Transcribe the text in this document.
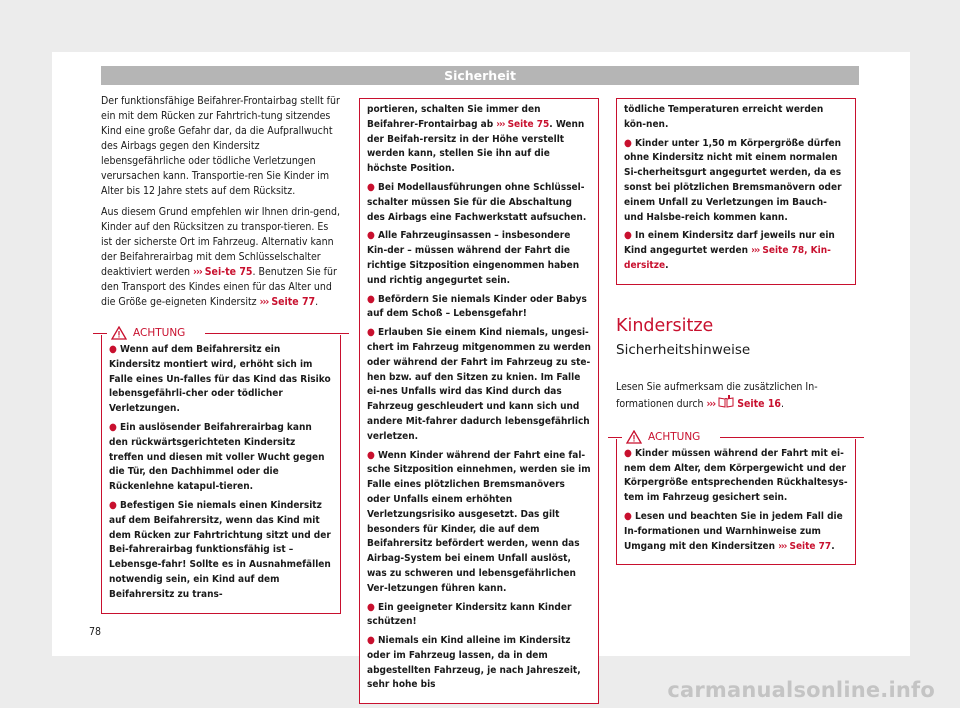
Sicherheit

Der funktionsfähige Beifahrer-Frontairbag stellt für ein mit dem Rücken zur Fahrtrich-tung sitzendes Kind eine große Gefahr dar, da die Aufprallwucht des Airbags gegen den Kindersitz lebensgefährliche oder tödliche Verletzungen verursachen kann. Transportie-ren Sie Kinder im Alter bis 12 Jahre stets auf dem Rücksitz.

Aus diesem Grund empfehlen wir Ihnen drin-gend, Kinder auf den Rücksitzen zu transpor-tieren. Es ist der sicherste Ort im Fahrzeug. Alternativ kann der Beifahrerairbag mit dem Schlüsselschalter deaktiviert werden ››› Sei-te 75. Benutzen Sie für den Transport des Kindes einen für das Alter und die Größe ge-eigneten Kindersitz ››› Seite 77.

ACHTUNG
● Wenn auf dem Beifahrersitz ein Kindersitz montiert wird, erhöht sich im Falle eines Un-falles für das Kind das Risiko lebensgefährli-cher oder tödlicher Verletzungen.
● Ein auslösender Beifahrerairbag kann den rückwärtsgerichteten Kindersitz treffen und diesen mit voller Wucht gegen die Tür, den Dachhimmel oder die Rückenlehne katapul-tieren.
● Befestigen Sie niemals einen Kindersitz auf dem Beifahrersitz, wenn das Kind mit dem Rücken zur Fahrtrichtung sitzt und der Bei-fahrerairbag funktionsfähig ist – Lebensge-fahr! Sollte es in Ausnahmefällen notwendig sein, ein Kind auf dem Beifahrersitz zu trans-
portieren, schalten Sie immer den Beifahrer-Frontairbag ab ››› Seite 75. Wenn der Beifah-rersitz in der Höhe verstellt werden kann, stellen Sie ihn auf die höchste Position.
● Bei Modellausführungen ohne Schlüssel-schalter müssen Sie für die Abschaltung des Airbags eine Fachwerkstatt aufsuchen.
● Alle Fahrzeuginsassen – insbesondere Kin-der – müssen während der Fahrt die richtige Sitzposition eingenommen haben und richtig angegurtet sein.
● Befördern Sie niemals Kinder oder Babys auf dem Schoß – Lebensgefahr!
● Erlauben Sie einem Kind niemals, ungesi-chert im Fahrzeug mitgenommen zu werden oder während der Fahrt im Fahrzeug zu ste-hen bzw. auf den Sitzen zu knien. Im Falle ei-nes Unfalls wird das Kind durch das Fahrzeug geschleudert und kann sich und andere Mit-fahrer dadurch lebensgefährlich verletzen.
● Wenn Kinder während der Fahrt eine fal-sche Sitzposition einnehmen, werden sie im Falle eines plötzlichen Bremsmanövers oder Unfalls einem erhöhten Verletzungsrisiko ausgesetzt. Das gilt besonders für Kinder, die auf dem Beifahrersitz befördert werden, wenn das Airbag-System bei einem Unfall auslöst, was zu schweren und lebensgefährlichen Ver-letzungen führen kann.
● Ein geeigneter Kindersitz kann Kinder schützen!
● Niemals ein Kind alleine im Kindersitz oder im Fahrzeug lassen, da in dem abgestellten Fahrzeug, je nach Jahreszeit, sehr hohe bis
tödliche Temperaturen erreicht werden kön-nen.
● Kinder unter 1,50 m Körpergröße dürfen ohne Kindersitz nicht mit einem normalen Si-cherheitsgurt angegurtet werden, da es sonst bei plötzlichen Bremsmanövern oder einem Unfall zu Verletzungen im Bauch- und Halsbe-reich kommen kann.
● In einem Kindersitz darf jeweils nur ein Kind angegurtet werden ››› Seite 78, Kin-dersitze.
Kindersitze
Sicherheitshinweise

Lesen Sie aufmerksam die zusätzlichen In-formationen durch ››› Seite 16.

ACHTUNG
● Kinder müssen während der Fahrt mit ei-nem dem Alter, dem Körpergewicht und der Körpergröße entsprechenden Rückhaltesys-tem im Fahrzeug gesichert sein.
● Lesen und beachten Sie in jedem Fall die In-formationen und Warnhinweise zum Umgang mit den Kindersitzen ››› Seite 77.
78
carmanualsonline.info
